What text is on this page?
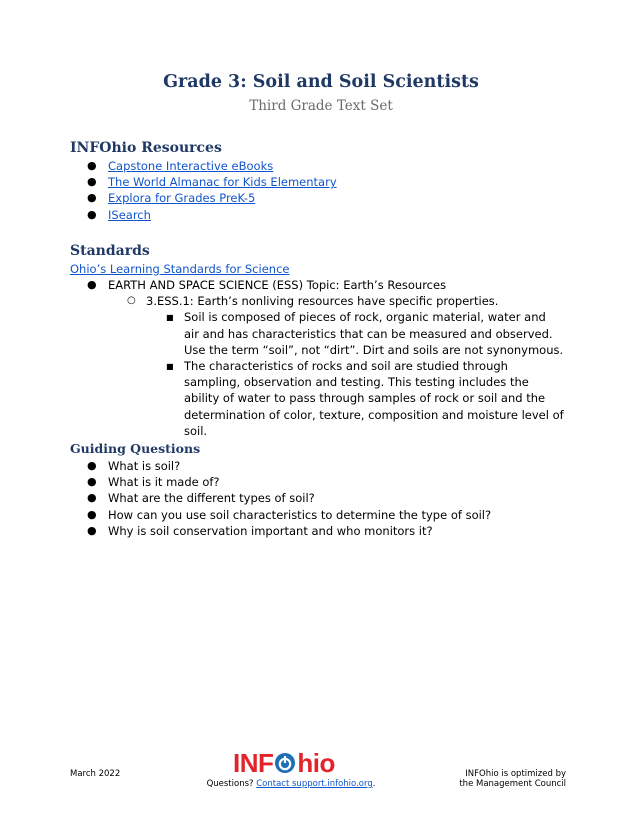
Grade 3: Soil and Soil Scientists
Third Grade Text Set
INFOhio Resources
● Capstone Interactive eBooks
● The World Almanac for Kids Elementary
● Explora for Grades PreK-5
● ISearch
Standards
Ohio’s Learning Standards for Science
● EARTH AND SPACE SCIENCE (ESS) Topic: Earth’s Resources
○ 3.ESS.1: Earth’s nonliving resources have specific properties.
■ Soil is composed of pieces of rock, organic material, water and air and has characteristics that can be measured and observed. Use the term “soil”, not “dirt”. Dirt and soils are not synonymous.
■ The characteristics of rocks and soil are studied through sampling, observation and testing. This testing includes the ability of water to pass through samples of rock or soil and the determination of color, texture, composition and moisture level of soil.
Guiding Questions
● What is soil?
● What is it made of?
● What are the different types of soil?
● How can you use soil characteristics to determine the type of soil?
● Why is soil conservation important and who monitors it?
March 2022	INF hio
Questions? Contact support.infohio.org.
INFOhio is optimized by
the Management Council
